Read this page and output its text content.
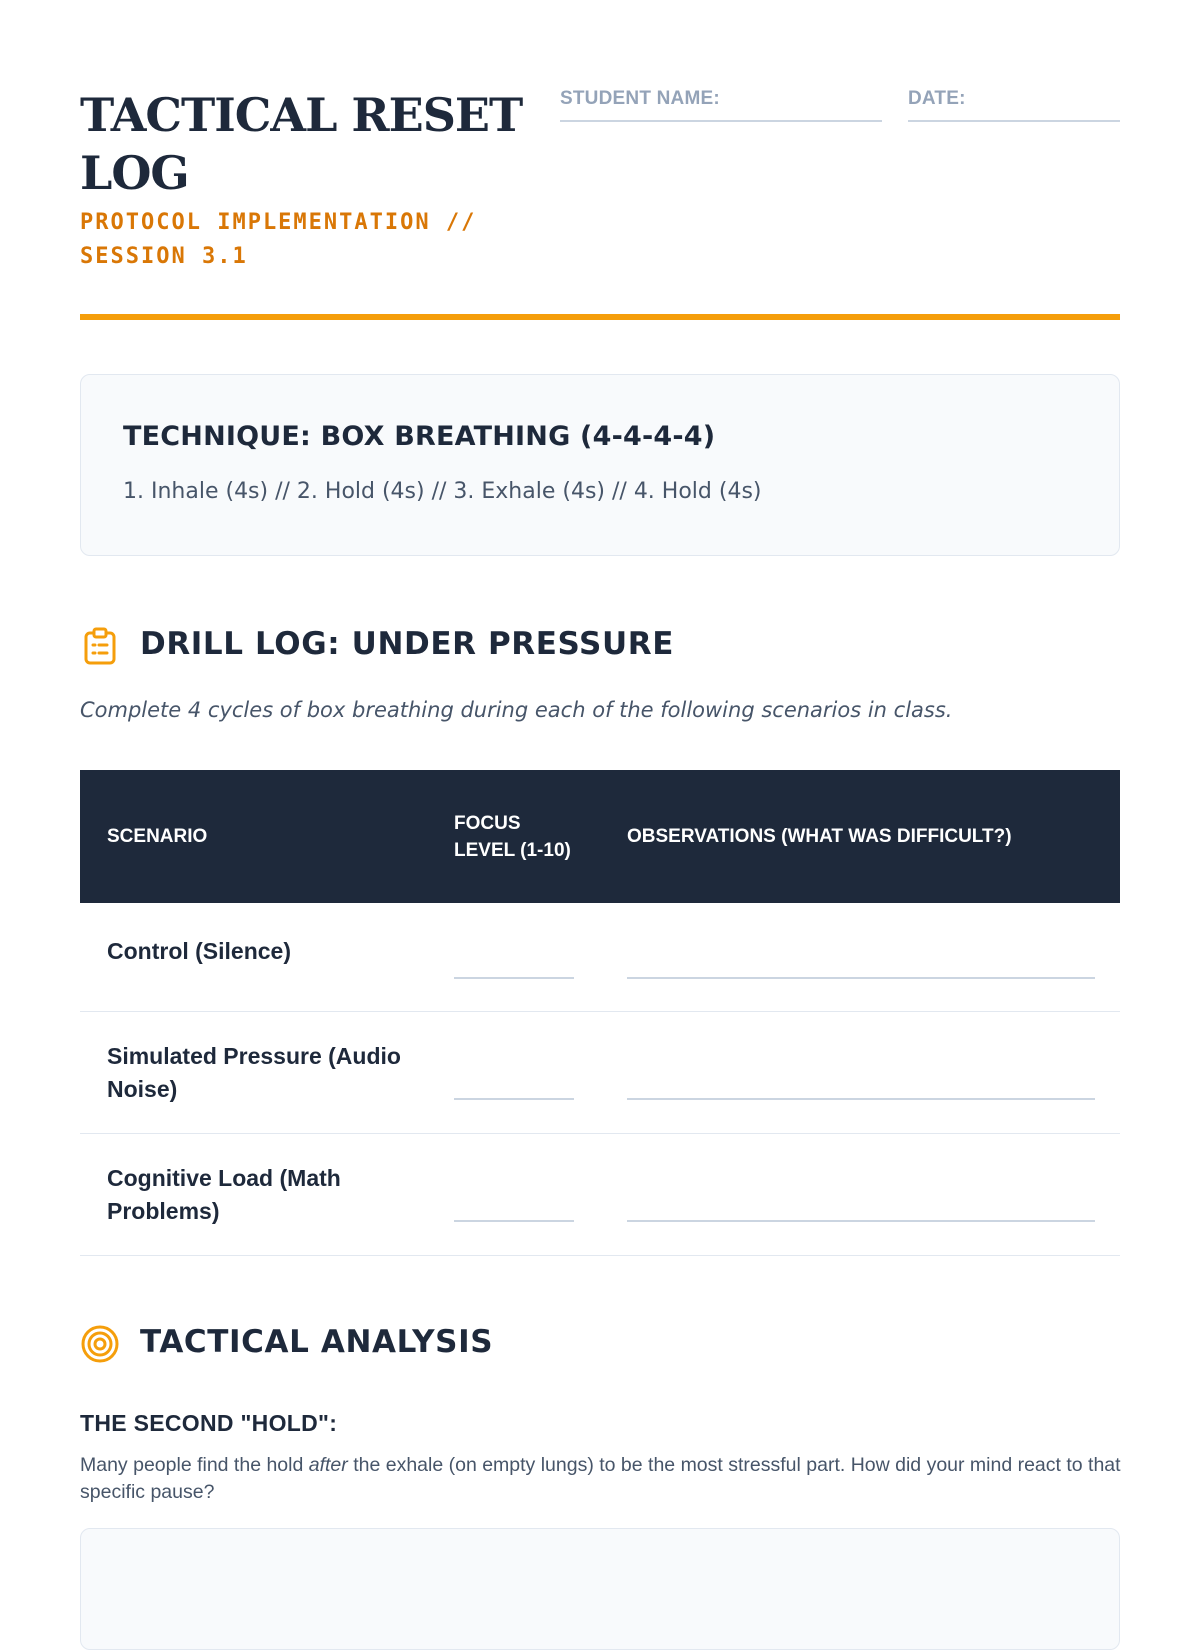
TACTICAL RESET LOG
PROTOCOL IMPLEMENTATION // SESSION 3.1
STUDENT NAME:	DATE:
TECHNIQUE: BOX BREATHING (4-4-4-4)
1. Inhale (4s) // 2. Hold (4s) // 3. Exhale (4s) // 4. Hold (4s)
DRILL LOG: UNDER PRESSURE
Complete 4 cycles of box breathing during each of the following scenarios in class.
SCENARIO
FOCUS LEVEL (1-10)
OBSERVATIONS (WHAT WAS DIFFICULT?)
Control (Silence)
Simulated Pressure (Audio Noise)
Cognitive Load (Math Problems)
TACTICAL ANALYSIS
THE SECOND "HOLD":
Many people find the hold after the exhale (on empty lungs) to be the most stressful part. How did your mind react to that specific pause?
